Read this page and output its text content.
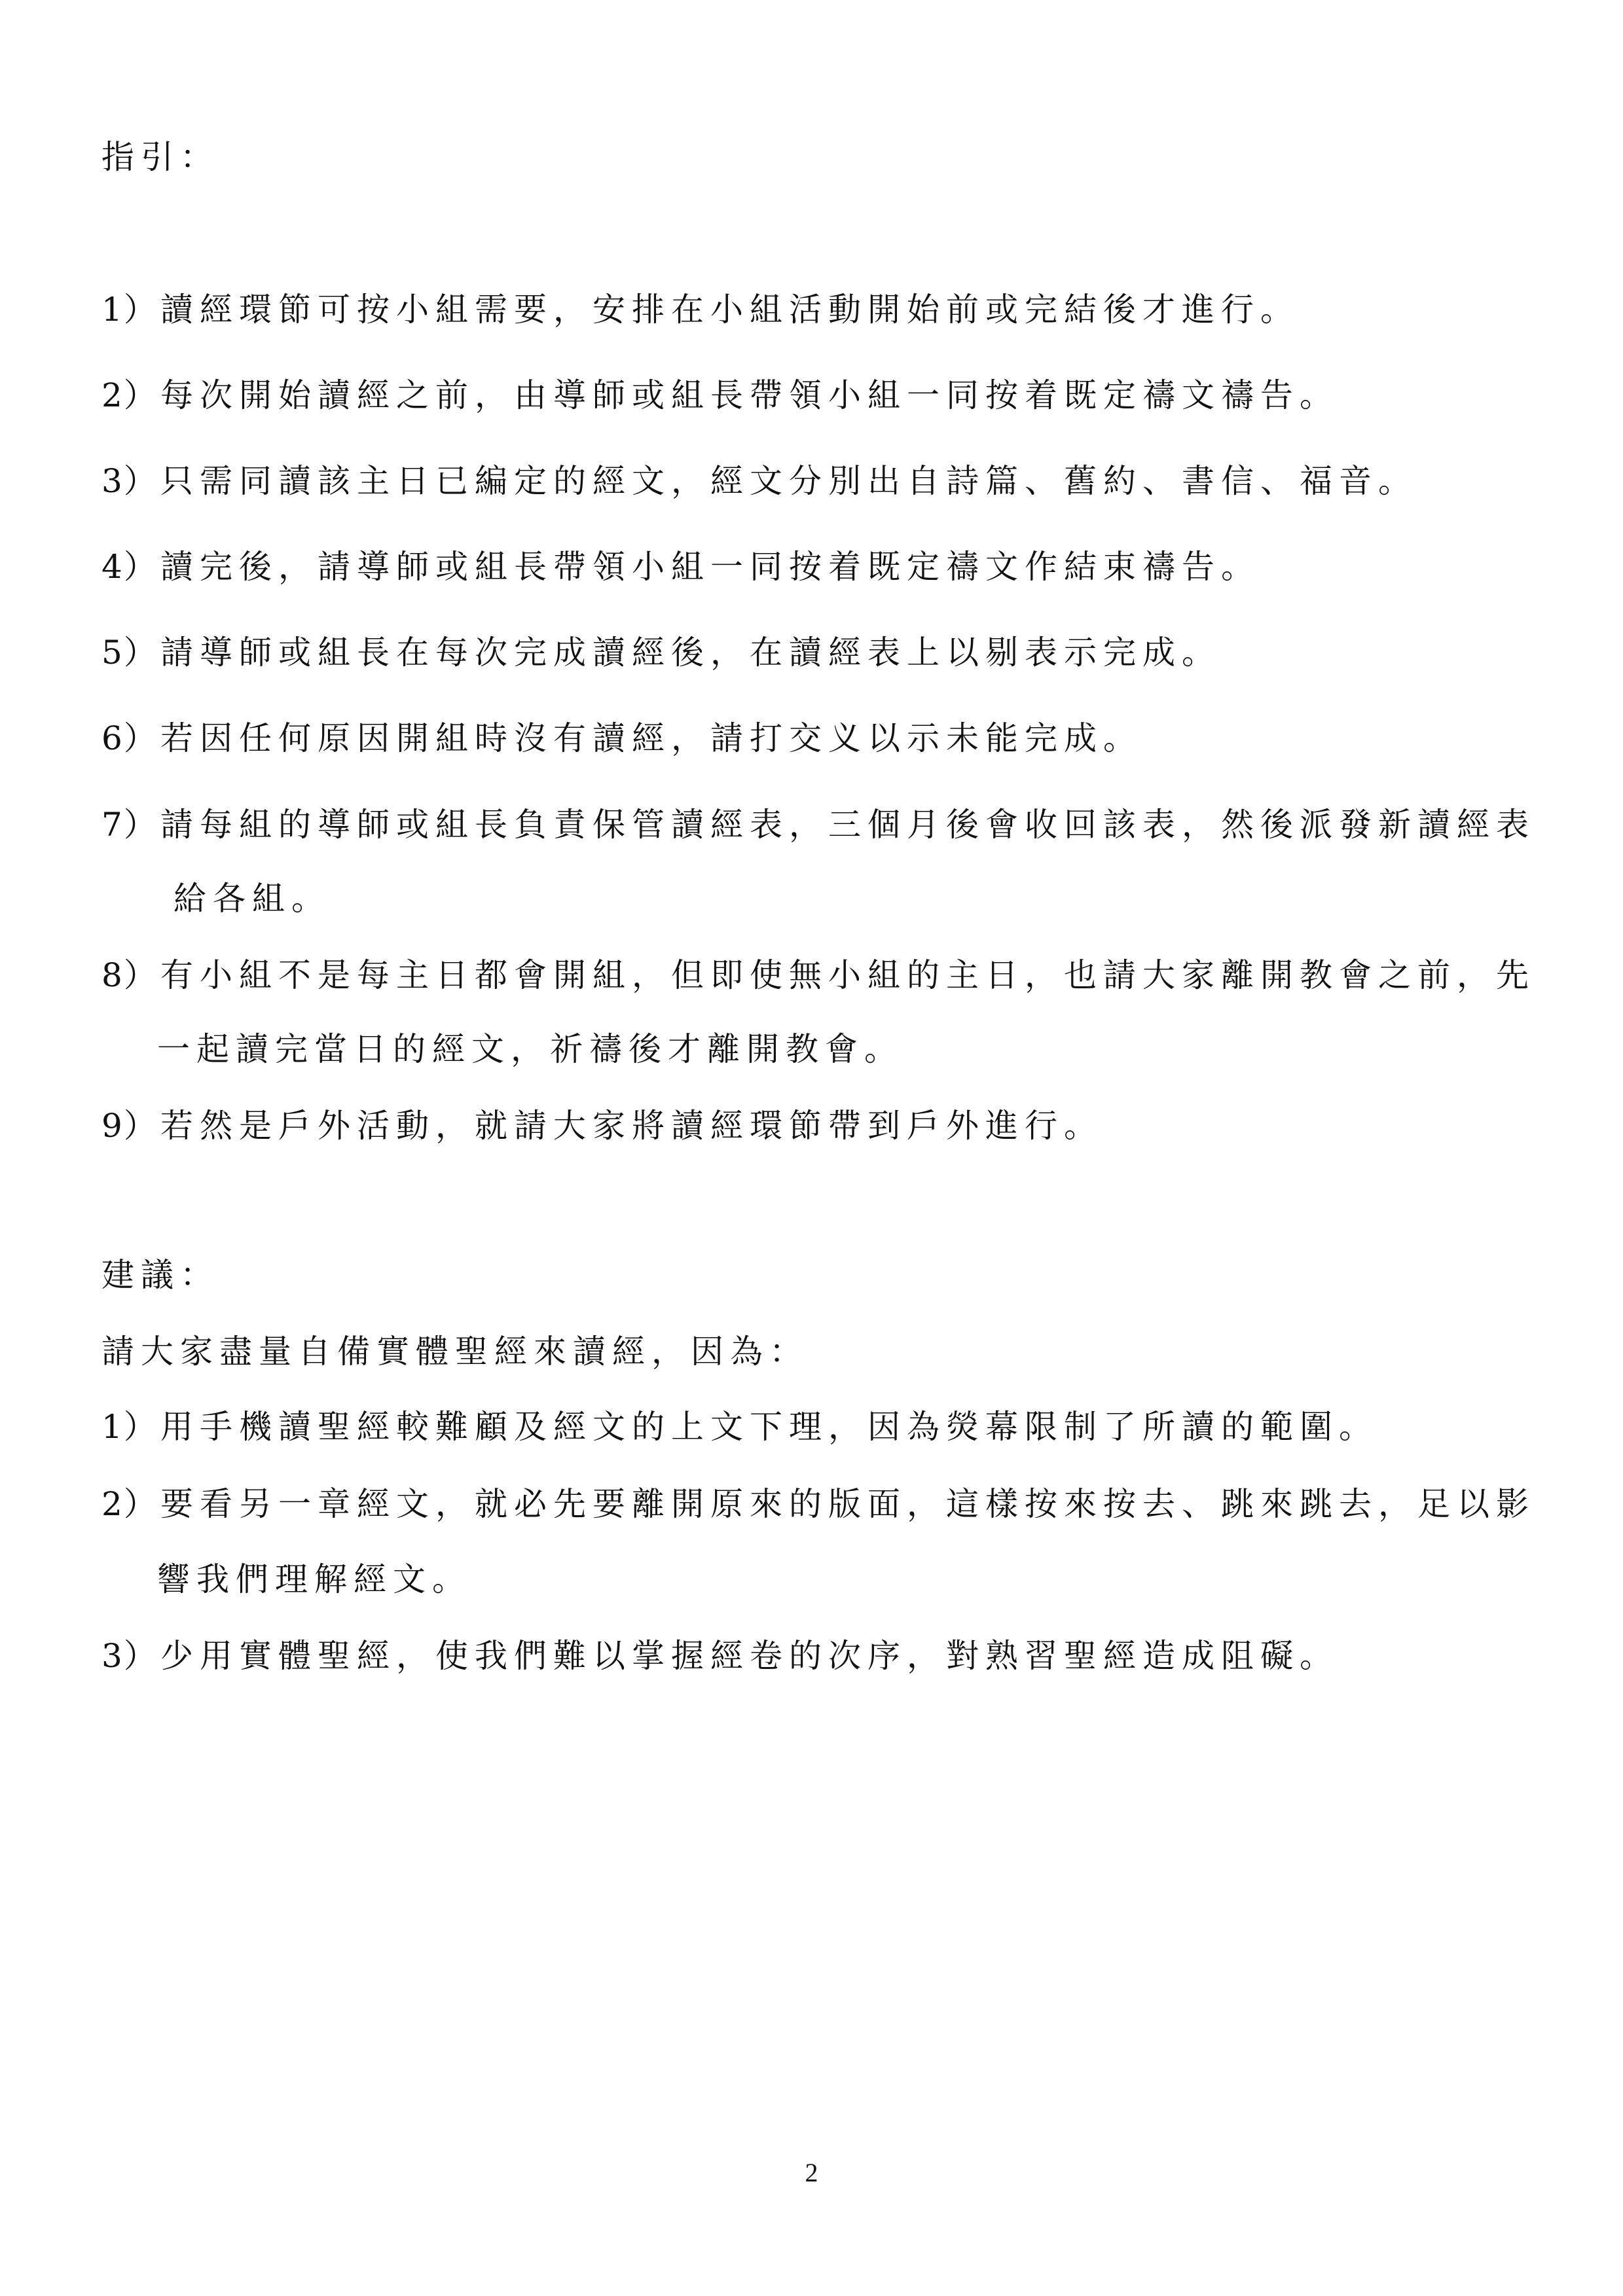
指引：
1）讀經環節可按小組需要，安排在小組活動開始前或完結後才進行。
2）每次開始讀經之前，由導師或組長帶領小組一同按着既定禱文禱告。
3）只需同讀該主日已編定的經文，經文分別出自詩篇、舊約、書信、福音。
4）讀完後，請導師或組長帶領小組一同按着既定禱文作結束禱告。
5）請導師或組長在每次完成讀經後，在讀經表上以剔表示完成。
6）若因任何原因開組時沒有讀經，請打交义以示未能完成。
7）請每組的導師或組長負責保管讀經表，三個月後會收回該表，然後派發新讀經表
給各組。
8）有小組不是每主日都會開組，但即使無小組的主日，也請大家離開教會之前，先
一起讀完當日的經文，祈禱後才離開教會。
9）若然是戶外活動，就請大家將讀經環節帶到戶外進行。
建議：
請大家盡量自備實體聖經來讀經，因為：
1）用手機讀聖經較難顧及經文的上文下理，因為熒幕限制了所讀的範圍。
2）要看另一章經文，就必先要離開原來的版面，這樣按來按去、跳來跳去，足以影
響我們理解經文。
3）少用實體聖經，使我們難以掌握經卷的次序，對熟習聖經造成阻礙。
2
